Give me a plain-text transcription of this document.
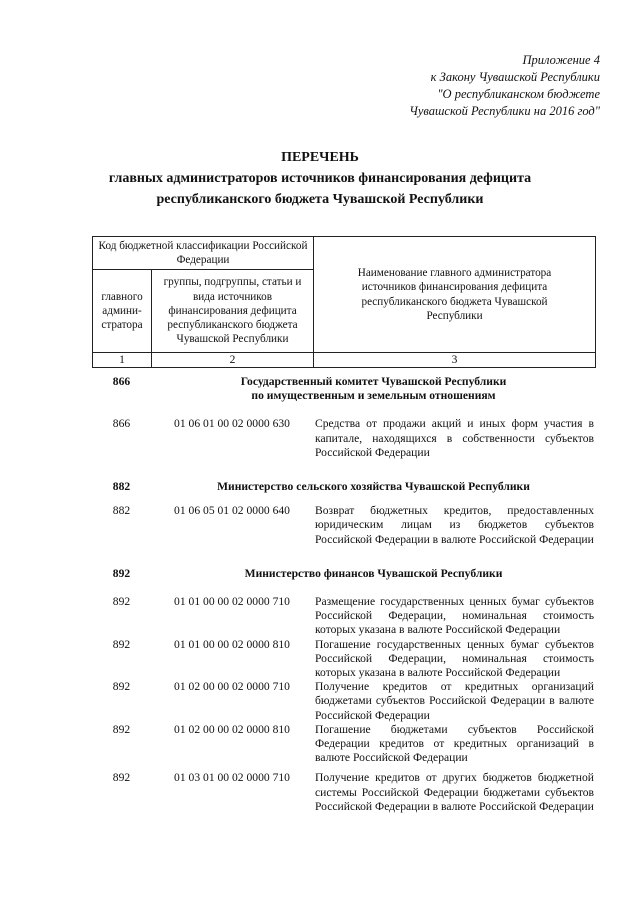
Приложение 4
к Закону Чувашской Республики
"О республиканском бюджете
Чувашской Республики на 2016 год"
ПЕРЕЧЕНЬ
главных администраторов источников финансирования дефицита
республиканского бюджета Чувашской Республики
Код бюджетной классификации Российской Федерации		Наименование главного администратора источников финансирования дефицита республиканского бюджета Чувашской Республики
главного админи-стратора	группы, подгруппы, статьи и вида источников финансирования дефицита республиканского бюджета Чувашской Республики	
1	2	3
866	Государственный комитет Чувашской Республики
по имущественным и земельным отношениям
866	01 06 01 00 02 0000 630	Средства от продажи акций и иных форм участия в капитале, находящихся в собственности субъектов Российской Федерации
882	Министерство сельского хозяйства Чувашской Республики
882	01 06 05 01 02 0000 640	Возврат бюджетных кредитов, предоставленных юридическим лицам из бюджетов субъектов Российской Федерации в валюте Российской Федерации
892	Министерство финансов Чувашской Республики
892	01 01 00 00 02 0000 710	Размещение государственных ценных бумаг субъектов Российской Федерации, номинальная стоимость которых указана в валюте Российской Федерации
892	01 01 00 00 02 0000 810	Погашение государственных ценных бумаг субъектов Российской Федерации, номинальная стоимость которых указана в валюте Российской Федерации
892	01 02 00 00 02 0000 710	Получение кредитов от кредитных организаций бюджетами субъектов Российской Федерации в валюте Российской Федерации
892	01 02 00 00 02 0000 810	Погашение бюджетами субъектов Российской Федерации кредитов от кредитных организаций в валюте Российской Федерации
892	01 03 01 00 02 0000 710	Получение кредитов от других бюджетов бюджетной системы Российской Федерации бюджетами субъектов Российской Федерации в валюте Российской Федерации
